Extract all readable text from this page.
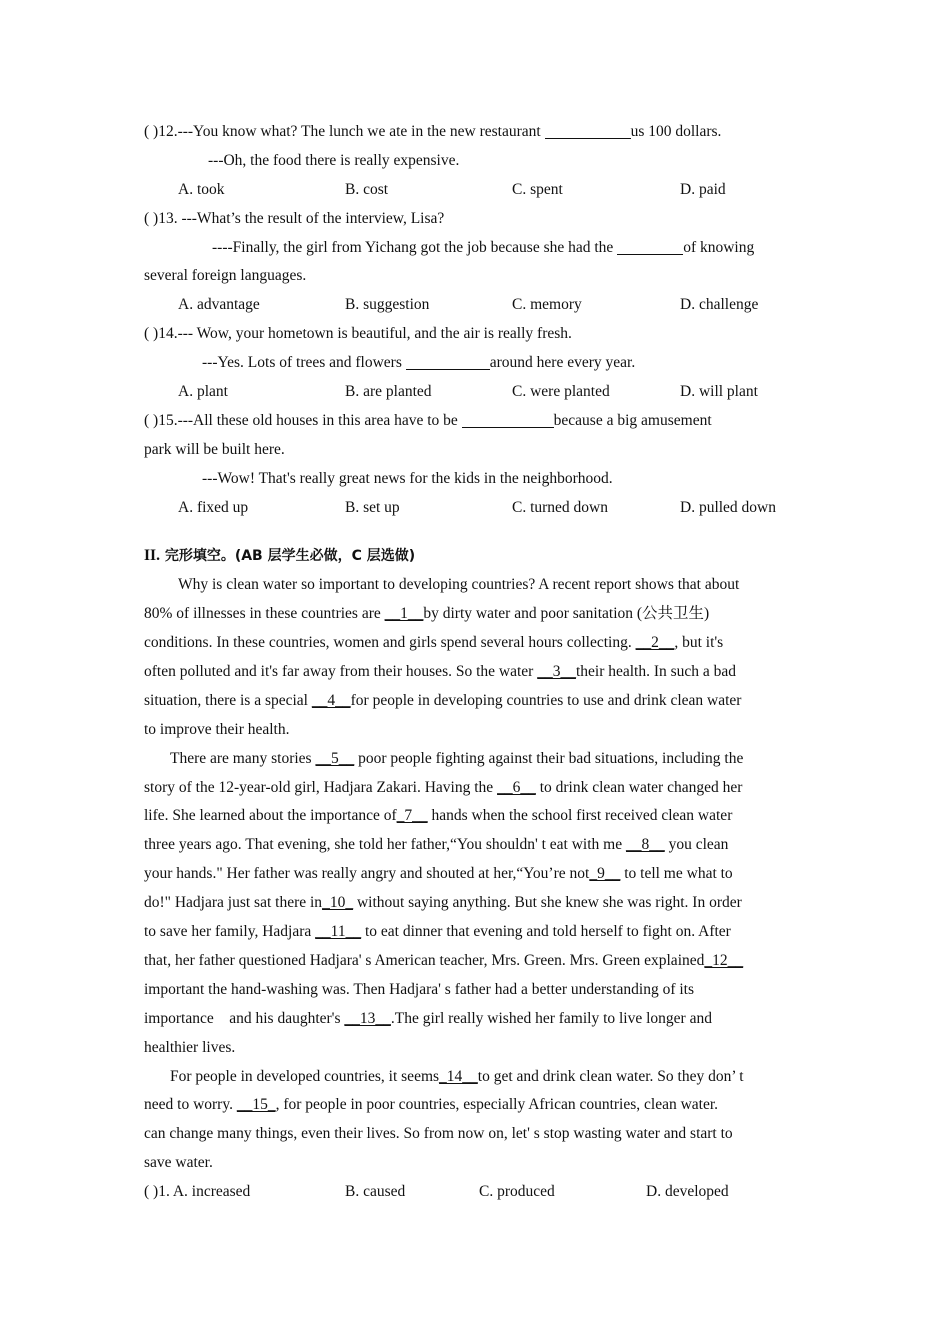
( )12.---You know what? The lunch we ate in the new restaurant	us 100 dollars.
---Oh, the food there is really expensive.
A. took	B. cost	C. spent	D. paid
( )13. ---What’s the result of the interview, Lisa?
----Finally, the girl from Yichang got the job because she had the	of knowing
several foreign languages.
A. advantage	B. suggestion	C. memory	D. challenge
( )14.--- Wow, your hometown is beautiful, and the air is really fresh.
---Yes. Lots of trees and flowers	around here every year.
A. plant	B. are planted	C. were planted	D. will plant
( )15.---All these old houses in this area have to be	because a big amusement
park will be built here.
---Wow! That's really great news for the kids in the neighborhood.
A. fixed up	B. set up	C. turned down	D. pulled down
II. 完形填空。(AB 层学生必做，C 层选做)
Why is clean water so important to developing countries? A recent report shows that about
80% of illnesses in these countries are __1__by dirty water and poor sanitation (公共卫生)
conditions. In these countries, women and girls spend several hours collecting. __2__, but it's
often polluted and it's far away from their houses. So the water __3__their health. In such a bad
situation, there is a special __4__for people in developing countries to use and drink clean water
to improve their health.
There are many stories __5__ poor people fighting against their bad situations, including the
story of the 12-year-old girl, Hadjara Zakari. Having the __6__ to drink clean water changed her
life. She learned about the importance of_7__ hands when the school first received clean water
three years ago. That evening, she told her father,“You shouldn' t eat with me __8__ you clean
your hands." Her father was really angry and shouted at her,“You’re not_9__ to tell me what to
do!" Hadjara just sat there in_10_ without saying anything. But she knew she was right. In order
to save her family, Hadjara __11__ to eat dinner that evening and told herself to fight on. After
that, her father questioned Hadjara' s American teacher, Mrs. Green. Mrs. Green explained_12__
important the hand-washing was. Then Hadjara' s father had a better understanding of its
importance    and his daughter's __13__.The girl really wished her family to live longer and
healthier lives.
For people in developed countries, it seems_14__to get and drink clean water. So they don’ t
need to worry. __15_, for people in poor countries, especially African countries, clean water.
can change many things, even their lives. So from now on, let' s stop wasting water and start to
save water.
( )1. A. increased	B. caused	C. produced	D. developed
